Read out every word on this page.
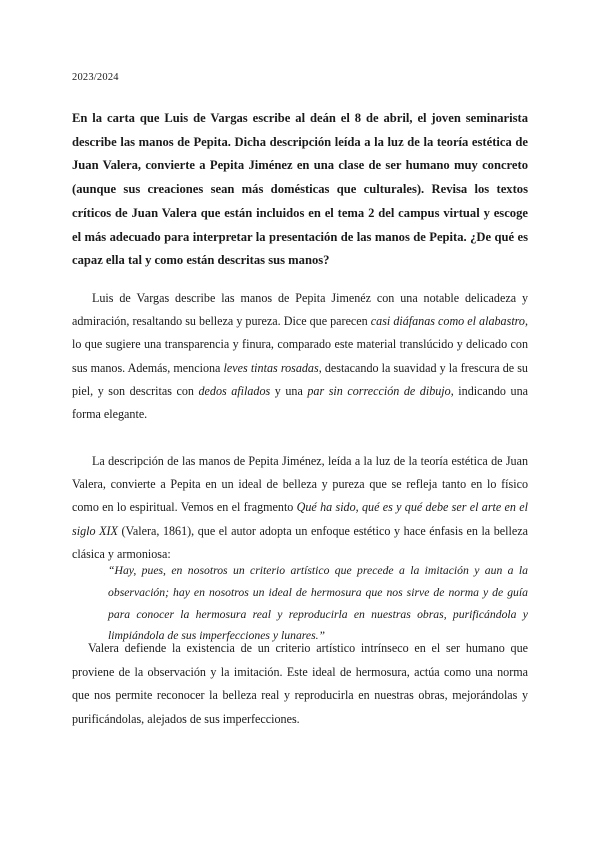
2023/2024
En la carta que Luis de Vargas escribe al deán el 8 de abril, el joven seminarista describe las manos de Pepita. Dicha descripción leída a la luz de la teoría estética de Juan Valera, convierte a Pepita Jiménez en una clase de ser humano muy concreto (aunque sus creaciones sean más domésticas que culturales). Revisa los textos críticos de Juan Valera que están incluidos en el tema 2 del campus virtual y escoge el más adecuado para interpretar la presentación de las manos de Pepita. ¿De qué es capaz ella tal y como están descritas sus manos?
Luis de Vargas describe las manos de Pepita Jimenéz con una notable delicadeza y admiración, resaltando su belleza y pureza. Dice que parecen casi diáfanas como el alabastro, lo que sugiere una transparencia y finura, comparado este material translúcido y delicado con sus manos. Además, menciona leves tintas rosadas, destacando la suavidad y la frescura de su piel, y son descritas con dedos afilados y una par sin corrección de dibujo, indicando una forma elegante.
La descripción de las manos de Pepita Jiménez, leída a la luz de la teoría estética de Juan Valera, convierte a Pepita en un ideal de belleza y pureza que se refleja tanto en lo físico como en lo espiritual. Vemos en el fragmento Qué ha sido, qué es y qué debe ser el arte en el siglo XIX (Valera, 1861), que el autor adopta un enfoque estético y hace énfasis en la belleza clásica y armoniosa:
“Hay, pues, en nosotros un criterio artístico que precede a la imitación y aun a la observación; hay en nosotros un ideal de hermosura que nos sirve de norma y de guía para conocer la hermosura real y reproducirla en nuestras obras, purificándola y limpiándola de sus imperfecciones y lunares.”
Valera defiende la existencia de un criterio artístico intrínseco en el ser humano que proviene de la observación y la imitación. Este ideal de hermosura, actúa como una norma que nos permite reconocer la belleza real y reproducirla en nuestras obras, mejorándolas y purificándolas, alejados de sus imperfecciones.
